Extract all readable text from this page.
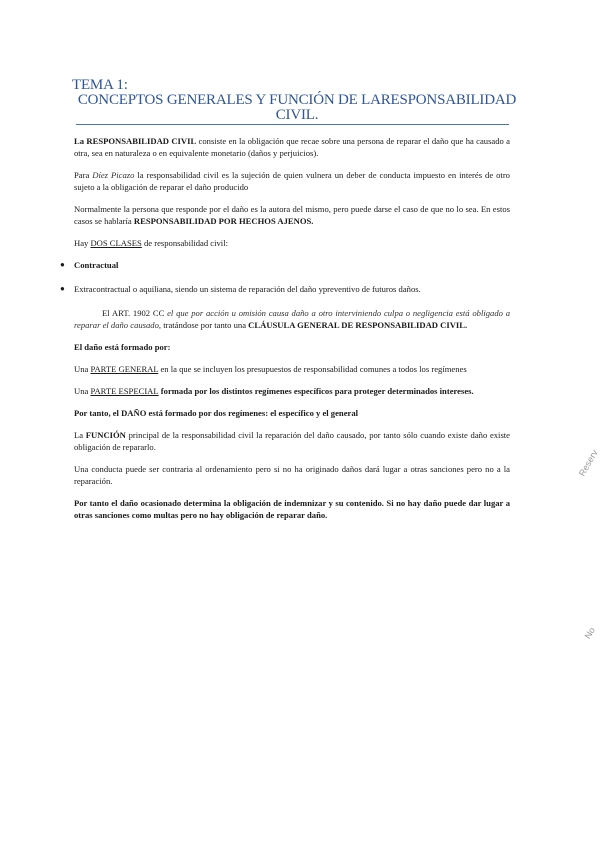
TEMA 1:
CONCEPTOS GENERALES Y FUNCIÓN DE LARESPONSABILIDAD
CIVIL.

La RESPONSABILIDAD CIVIL consiste en la obligación que recae sobre una persona de reparar el daño que ha causado a otra, sea en naturaleza o en equivalente monetario (daños y perjuicios).

Para Díez Picazo la responsabilidad civil es la sujeción de quien vulnera un deber de conducta impuesto en interés de otro sujeto a la obligación de reparar el daño producido

Normalmente la persona que responde por el daño es la autora del mismo, pero puede darse el caso de que no lo sea. En estos casos se hablaría RESPONSABILIDAD POR HECHOS AJENOS.

Hay DOS CLASES de responsabilidad civil:

● Contractual

● Extracontractual o aquiliana, siendo un sistema de reparación del daño ypreventivo de futuros daños.

El ART. 1902 CC el que por acción u omisión causa daño a otro interviniendo culpa o negligencia está obligado a reparar el daño causado, tratándose por tanto una CLÁUSULA GENERAL DE RESPONSABILIDAD CIVIL.

El daño está formado por:

Una PARTE GENERAL en la que se incluyen los presupuestos de responsabilidad comunes a todos los regímenes

Una PARTE ESPECIAL formada por los distintos regímenes específicos para proteger determinados intereses.

Por tanto, el DAÑO está formado por dos regímenes: el específico y el general

La FUNCIÓN principal de la responsabilidad civil la reparación del daño causado, por tanto sólo cuando existe daño existe obligación de repararlo.

Una conducta puede ser contraria al ordenamiento pero si no ha originado daños dará lugar a otras sanciones pero no a la reparación.

Por tanto el daño ocasionado determina la obligación de indemnizar y su contenido. Si no hay daño puede dar lugar a otras sanciones como multas pero no hay obligación de reparar daño.

Reserv
No
